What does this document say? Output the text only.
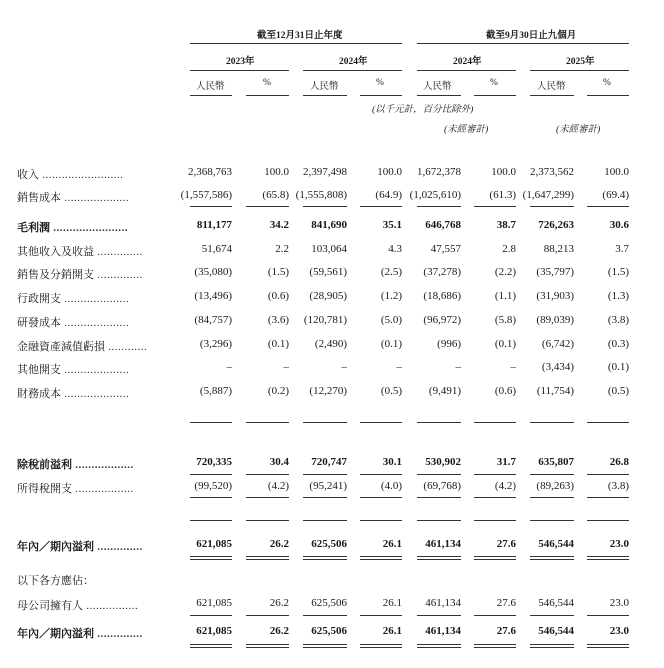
截至12月31日止年度	截至9月30日止九個月
2023年	2024年	2024年	2025年
人民幣	%	人民幣	%	人民幣	%	人民幣	%
(以千元計，百分比除外)
(未經審計)	(未經審計)
收入 .........................	2,368,763	100.0 2,397,498	100.0 1,672,378	100.0 2,373,562	100.0
銷售成本 ....................	(1,557,586)	(65.8) (1,555,808)	(64.9) (1,025,610)	(61.3) (1,647,299)	(69.4)
毛利潤 .......................	811,177	34.2 841,690	35.1 646,768	38.7 726,263	30.6
其他收入及收益 ..............	51,674	2.2 103,064	4.3	47,557	2.8	88,213	3.7
銷售及分銷開支 ..............	(35,080)	(1.5) (59,561)	(2.5) (37,278)	(2.2) (35,797)	(1.5)
行政開支 ....................	(13,496)	(0.6) (28,905)	(1.2) (18,686)	(1.1) (31,903)	(1.3)
研發成本 ....................	(84,757)	(3.6) (120,781)	(5.0) (96,972)	(5.8) (89,039)	(3.8)
金融資產減值虧損 ............	(3,296)	(0.1) (2,490)	(0.1)	(996)	(0.1) (6,742)	(0.3)
其他開支 ....................	–	–	–	–	–	– (3,434)	(0.1)
財務成本 ....................	(5,887)	(0.2) (12,270)	(0.5) (9,491)	(0.6) (11,754)	(0.5)
除稅前溢利 ..................	720,335	30.4 720,747	30.1 530,902	31.7 635,807	26.8
所得稅開支 ..................	(99,520)	(4.2) (95,241)	(4.0) (69,768)	(4.2) (89,263)	(3.8)
年內／期內溢利 ..............	621,085	26.2 625,506	26.1 461,134	27.6 546,544	23.0
以下各方應佔：
母公司擁有人 ................	621,085	26.2 625,506	26.1 461,134	27.6 546,544	23.0
年內／期內溢利 ..............	621,085	26.2 625,506	26.1 461,134	27.6 546,544	23.0
